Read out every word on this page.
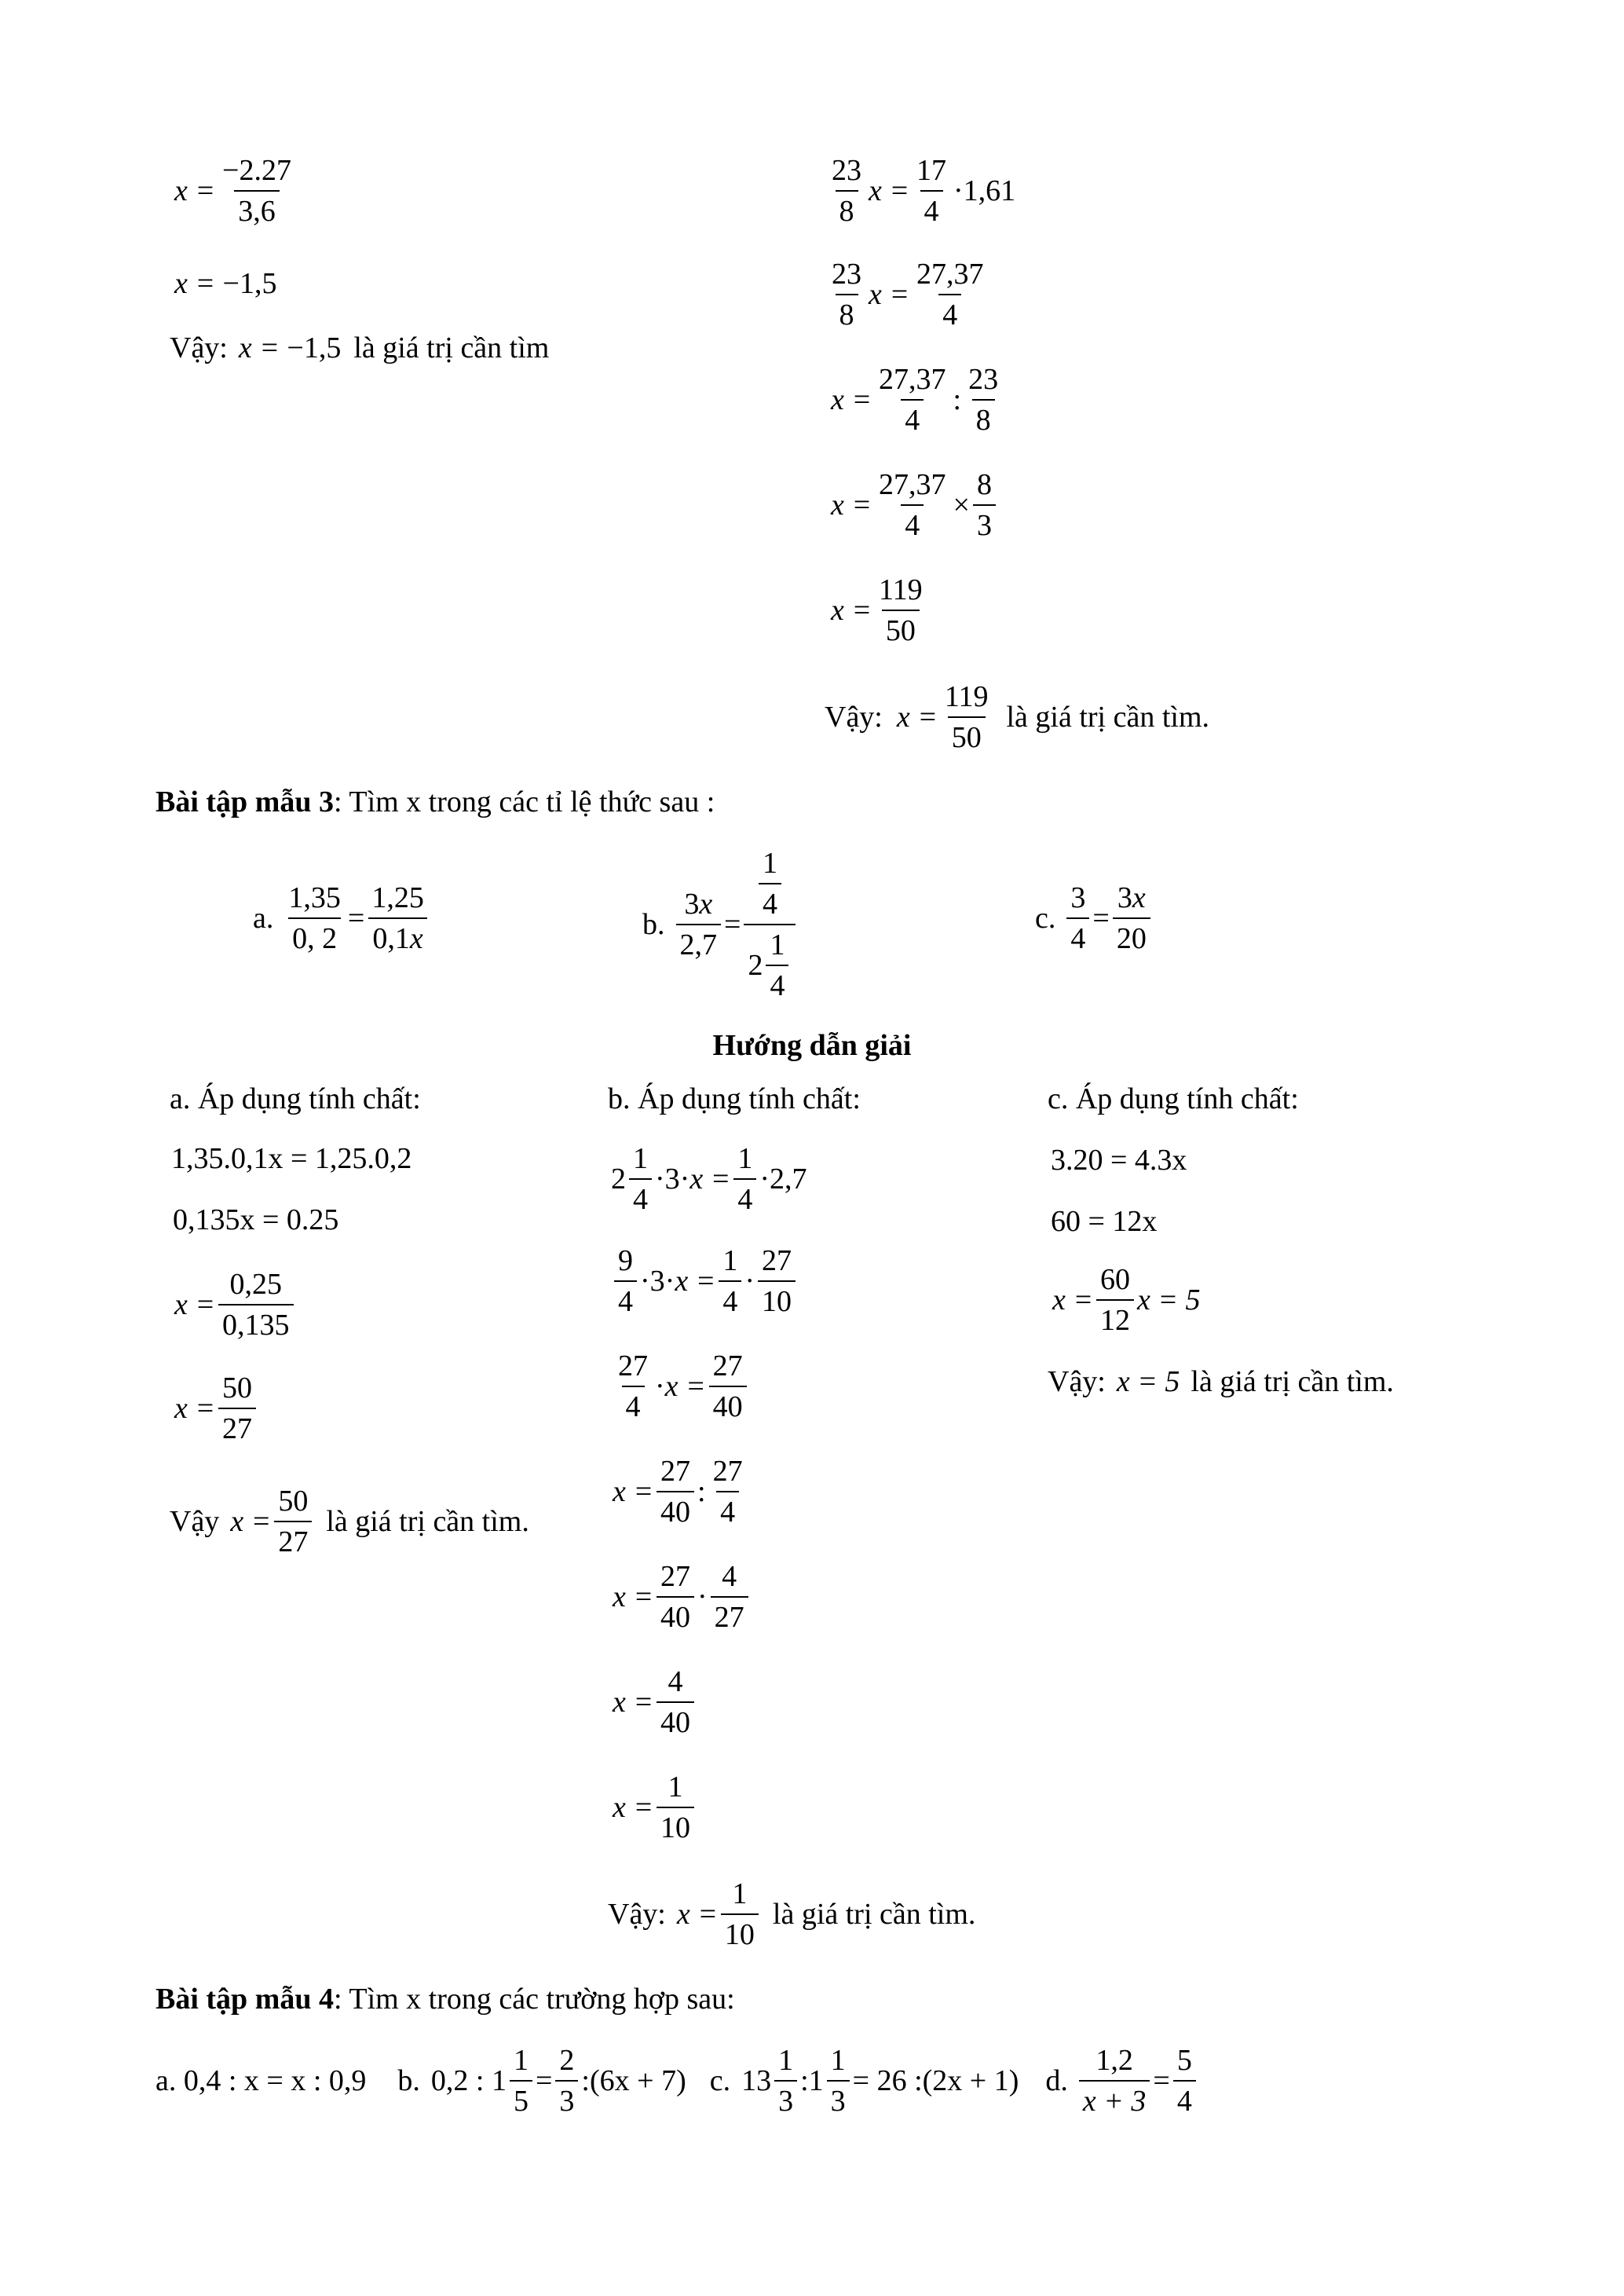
$x = \frac{-2.27}{3,6}$
x = −1,5
Vậy: x = −1,5 là giá trị cần tìm
$\frac{23}{8}$ $x = \frac{17}{4} \cdot 1,61$
$\frac{23}{8}$ $x = \frac{27,37}{4}$
$x = \frac{27,37}{4}$ : $\frac{23}{8}$
$x = \frac{27,37}{4} \times \frac{8}{3}$
$x = \frac{119}{50}$
Vậy: $x = \frac{119}{50}$ là giá trị cần tìm.
Bài tập mẫu 3 : Tìm x trong các tỉ lệ thức sau :
a. $\frac{1,35}{0, 2} = \frac{1,25}{0,1x}$	b. $\frac{3x}{2,7} = \frac{\frac{1}{4}}{2 \frac{1}{4}}$	c. $\frac{3}{4} = \frac{3x}{20}$
Hướng dẫn giải
a. Áp dụng tính chất:
1,35.0,1x = 1,25.0,2
0,135x = 0.25
$x = \frac{0,25}{0,135}$
$x = \frac{50}{27}$
Vậy $x = \frac{50}{27}$ là giá trị cần tìm.
b. Áp dụng tính chất:
$2 \frac{1}{4} \cdot 3\cdot x = \frac{1}{4} \cdot 2,7$
$\frac{9}{4} \cdot 3\cdot x = \frac{1}{4} \cdot \frac{27}{10}$
$\frac{27}{4} \cdot x = \frac{27}{40}$
$x = \frac{27}{40}$ : $\frac{27}{4}$
$x = \frac{27}{40} \cdot \frac{4}{27}$
$x = \frac{4}{40}$
$x = \frac{1}{10}$
Vậy: $x = \frac{1}{10}$ là giá trị cần tìm.
c. Áp dụng tính chất:
3.20 = 4.3x
60 = 12x
$x = \frac{60}{12}$ x = 5
Vậy: x = 5 là giá trị cần tìm.
Bài tập mẫu 4 : Tìm x trong các trường hợp sau:
a. 0,4 : x = x : 0,9 b. 0,2 : $1 \frac{1}{5} = \frac{2}{3}$ :(6x + 7) c. $13 \frac{1}{3}$ : $1 \frac{1}{3} = 26$ :(2x + 1) d. $\frac{1,2}{x + 3} = \frac{5}{4}$
